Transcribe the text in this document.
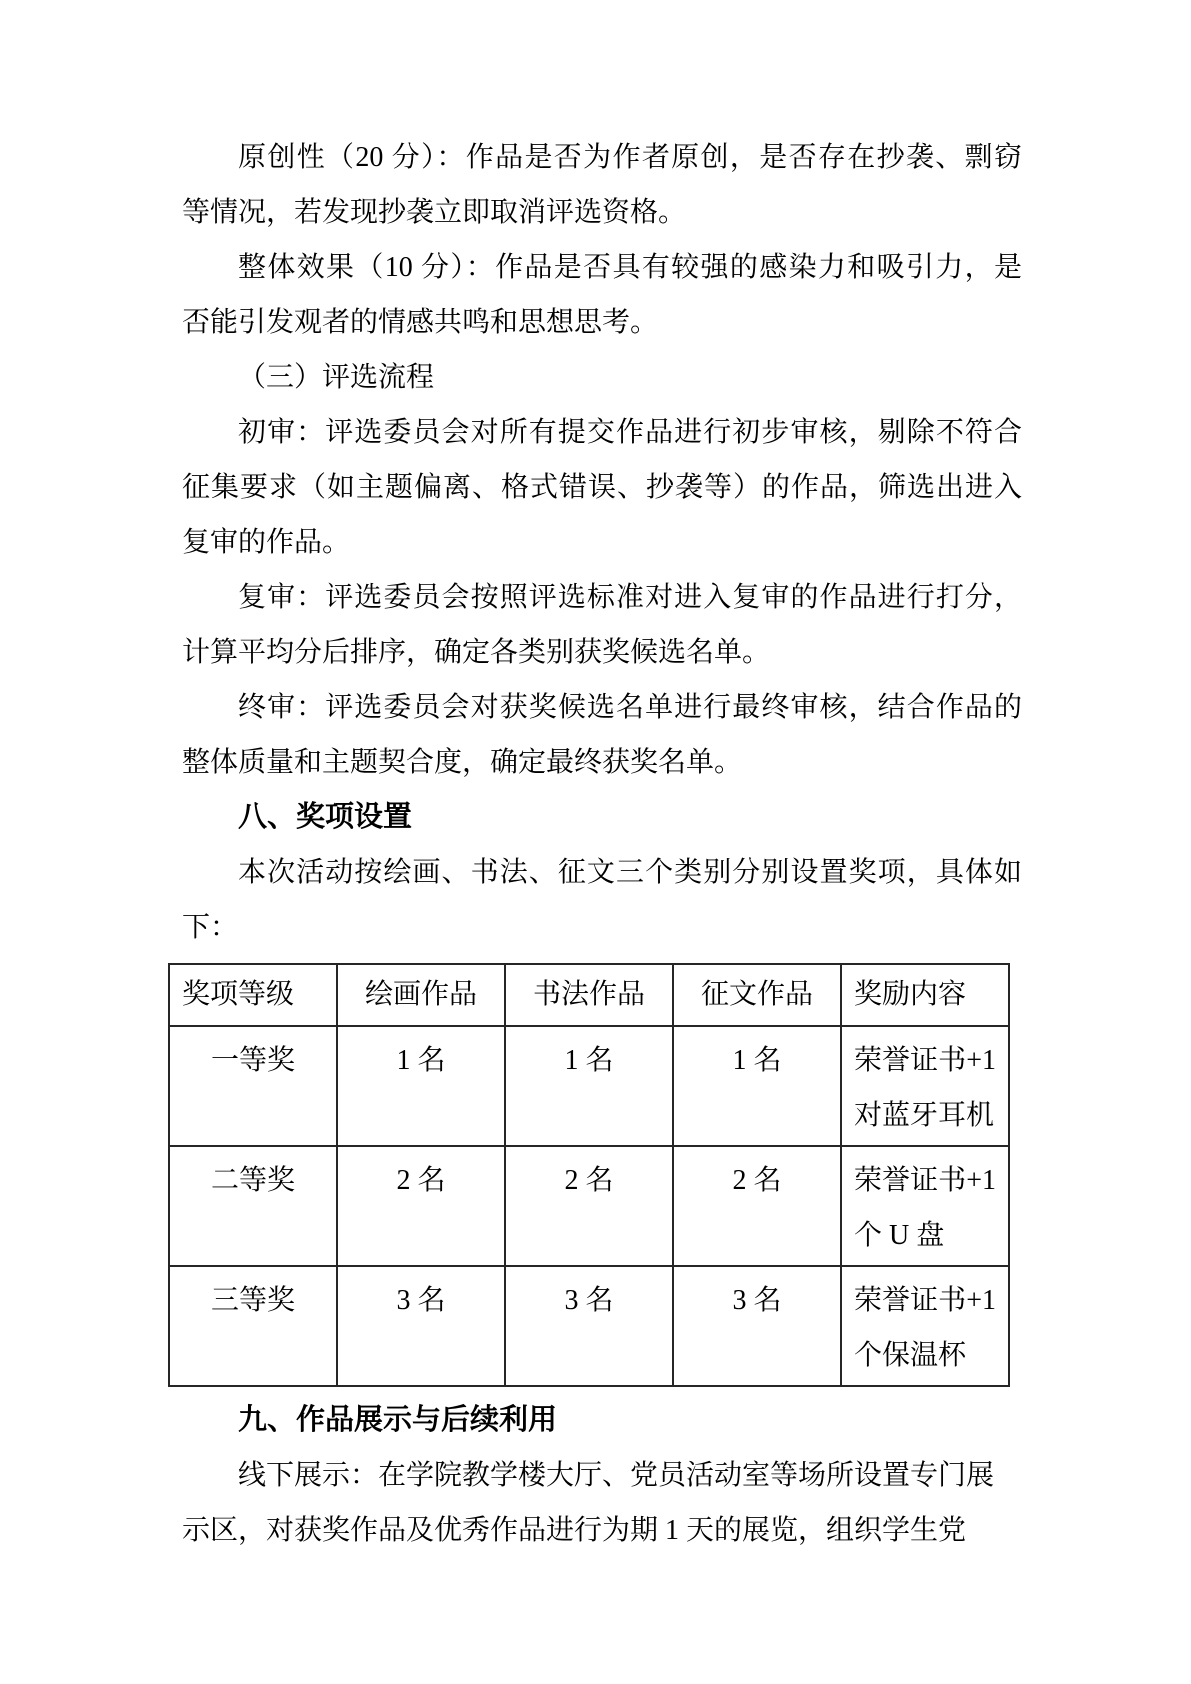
原创性（20 分）：作品是否为作者原创，是否存在抄袭、剽窃
等情况，若发现抄袭立即取消评选资格。
整体效果（10 分）：作品是否具有较强的感染力和吸引力，是
否能引发观者的情感共鸣和思想思考。
（三）评选流程
初审：评选委员会对所有提交作品进行初步审核，剔除不符合
征集要求（如主题偏离、格式错误、抄袭等）的作品，筛选出进入
复审的作品。
复审：评选委员会按照评选标准对进入复审的作品进行打分，
计算平均分后排序，确定各类别获奖候选名单。
终审：评选委员会对获奖候选名单进行最终审核，结合作品的
整体质量和主题契合度，确定最终获奖名单。
八、奖项设置
本次活动按绘画、书法、征文三个类别分别设置奖项，具体如
下：
奖项等级	绘画作品	书法作品	征文作品	奖励内容
一等奖	1 名	1 名	1 名	荣誉证书+1
对蓝牙耳机

二等奖	2 名	2 名	2 名	荣誉证书+1
个 U 盘

三等奖	3 名	3 名	3 名	荣誉证书+1
个保温杯
九、作品展示与后续利用
线下展示：在学院教学楼大厅、党员活动室等场所设置专门展
示区，对获奖作品及优秀作品进行为期 1 天的展览，组织学生党
